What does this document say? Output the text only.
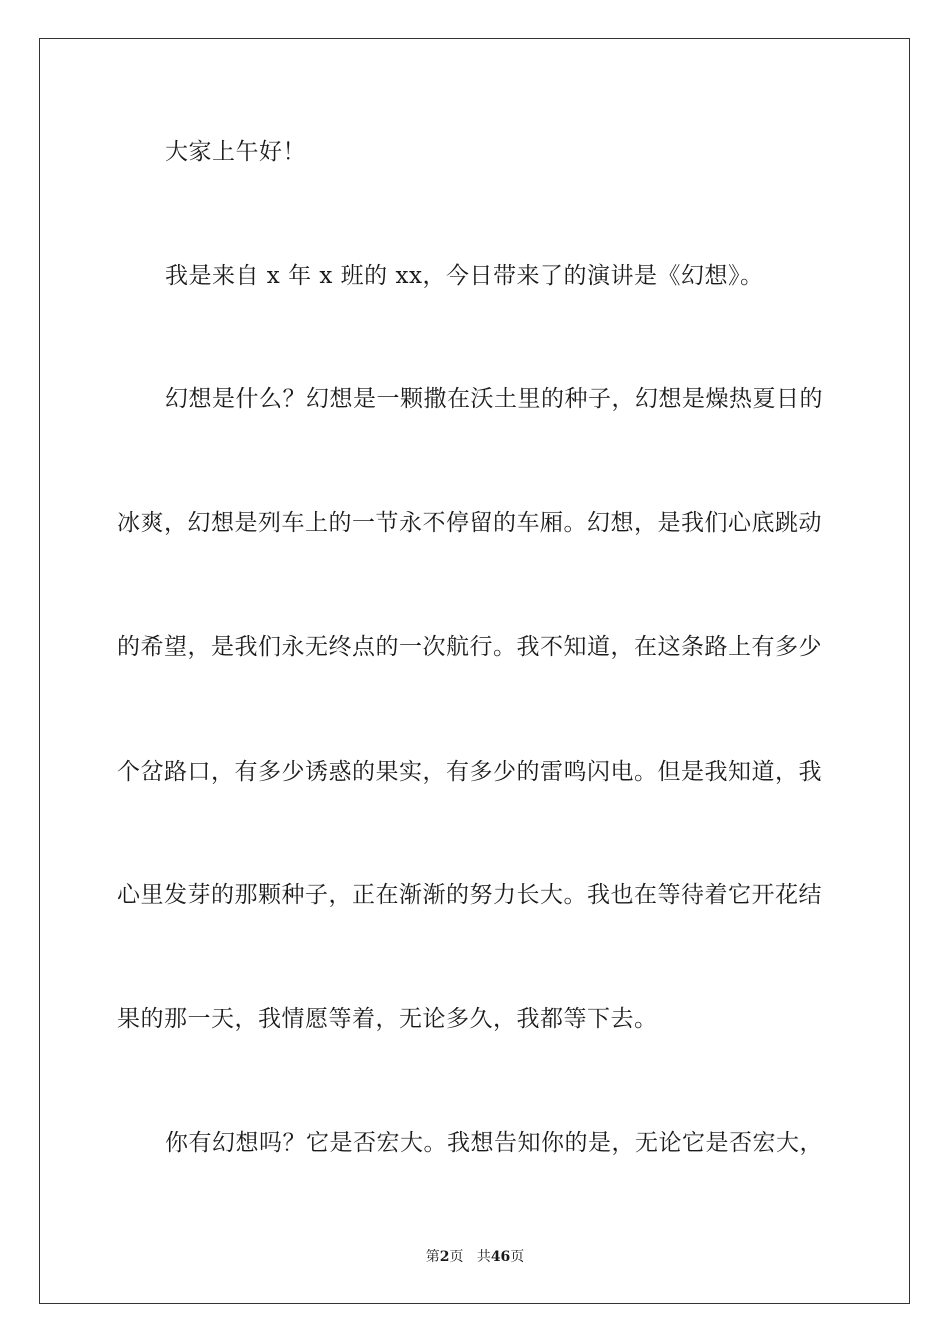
大家上午好！
我是来自 x 年 x 班的 xx，今日带来了的演讲是《幻想》。
幻想是什么？幻想是一颗撒在沃土里的种子，幻想是燥热夏日的
冰爽，幻想是列车上的一节永不停留的车厢。幻想，是我们心底跳动
的希望，是我们永无终点的一次航行。我不知道，在这条路上有多少
个岔路口，有多少诱惑的果实，有多少的雷鸣闪电。但是我知道，我
心里发芽的那颗种子，正在渐渐的努力长大。我也在等待着它开花结
果的那一天，我情愿等着，无论多久，我都等下去。
你有幻想吗？它是否宏大。我想告知你的是，无论它是否宏大，
第2页 共46页
